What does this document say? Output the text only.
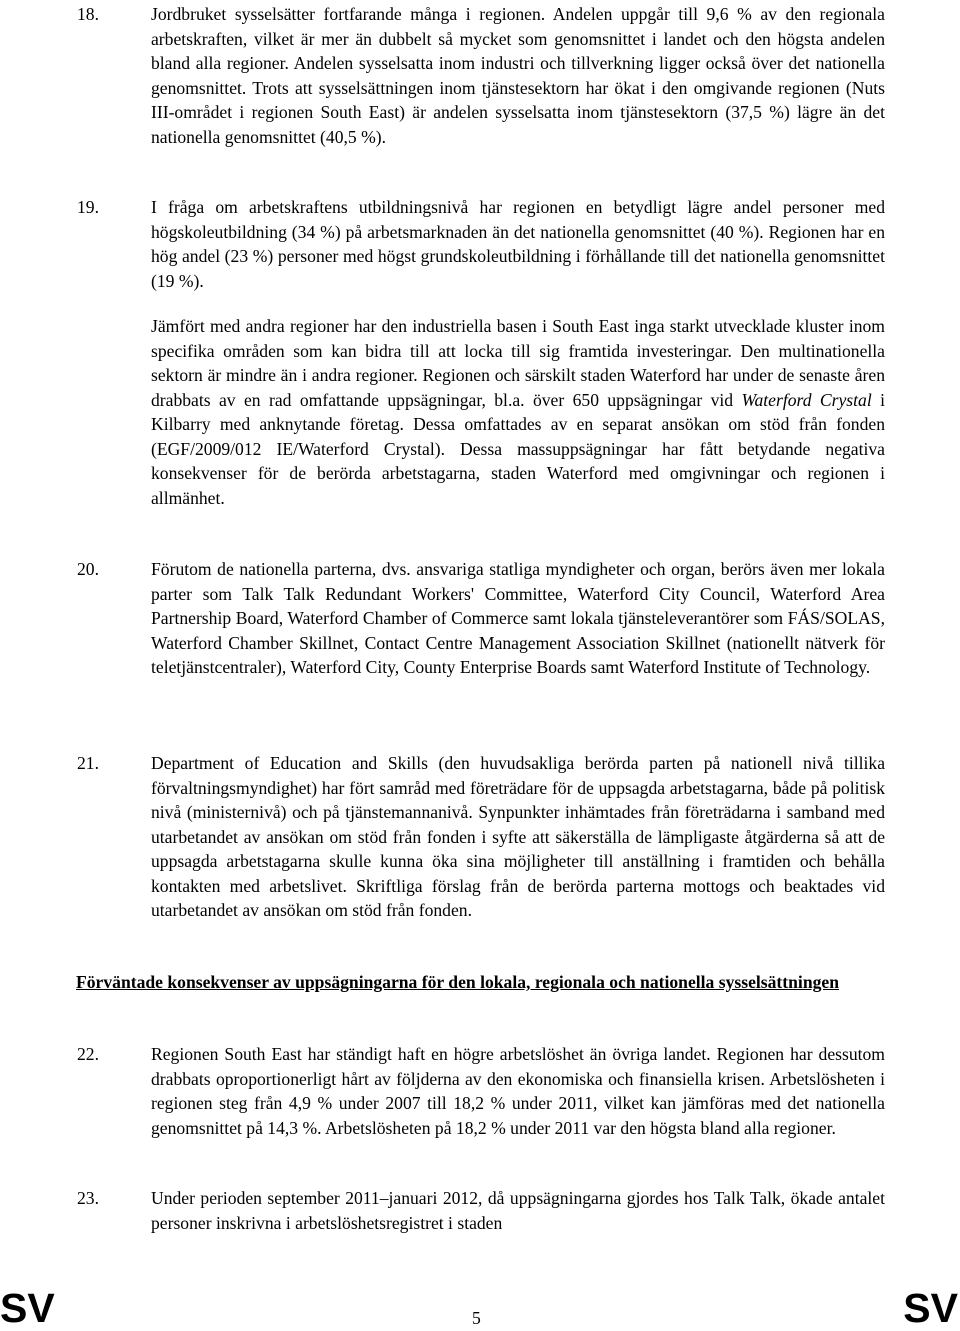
18.	Jordbruket sysselsätter fortfarande många i regionen. Andelen uppgår till 9,6 % av den regionala arbetskraften, vilket är mer än dubbelt så mycket som genomsnittet i landet och den högsta andelen bland alla regioner. Andelen sysselsatta inom industri och tillverkning ligger också över det nationella genomsnittet. Trots att sysselsättningen inom tjänstesektorn har ökat i den omgivande regionen (Nuts III-området i regionen South East) är andelen sysselsatta inom tjänstesektorn (37,5 %) lägre än det nationella genomsnittet (40,5 %).

19.	I fråga om arbetskraftens utbildningsnivå har regionen en betydligt lägre andel personer med högskoleutbildning (34 %) på arbetsmarknaden än det nationella genomsnittet (40 %). Regionen har en hög andel (23 %) personer med högst grundskoleutbildning i förhållande till det nationella genomsnittet (19 %).

Jämfört med andra regioner har den industriella basen i South East inga starkt utvecklade kluster inom specifika områden som kan bidra till att locka till sig framtida investeringar. Den multinationella sektorn är mindre än i andra regioner. Regionen och särskilt staden Waterford har under de senaste åren drabbats av en rad omfattande uppsägningar, bl.a. över 650 uppsägningar vid Waterford Crystal i Kilbarry med anknytande företag. Dessa omfattades av en separat ansökan om stöd från fonden (EGF/2009/012 IE/Waterford Crystal). Dessa massuppsägningar har fått betydande negativa konsekvenser för de berörda arbetstagarna, staden Waterford med omgivningar och regionen i allmänhet.

20.	Förutom de nationella parterna, dvs. ansvariga statliga myndigheter och organ, berörs även mer lokala parter som Talk Talk Redundant Workers' Committee, Waterford City Council, Waterford Area Partnership Board, Waterford Chamber of Commerce samt lokala tjänsteleverantörer som FÁS/SOLAS, Waterford Chamber Skillnet, Contact Centre Management Association Skillnet (nationellt nätverk för teletjänstcentraler), Waterford City, County Enterprise Boards samt Waterford Institute of Technology.

21.	Department of Education and Skills (den huvudsakliga berörda parten på nationell nivå tillika förvaltningsmyndighet) har fört samråd med företrädare för de uppsagda arbetstagarna, både på politisk nivå (ministernivå) och på tjänstemannanivå. Synpunkter inhämtades från företrädarna i samband med utarbetandet av ansökan om stöd från fonden i syfte att säkerställa de lämpligaste åtgärderna så att de uppsagda arbetstagarna skulle kunna öka sina möjligheter till anställning i framtiden och behålla kontakten med arbetslivet. Skriftliga förslag från de berörda parterna mottogs och beaktades vid utarbetandet av ansökan om stöd från fonden.

Förväntade konsekvenser av uppsägningarna för den lokala, regionala och nationella sysselsättningen

22.	Regionen South East har ständigt haft en högre arbetslöshet än övriga landet. Regionen har dessutom drabbats oproportionerligt hårt av följderna av den ekonomiska och finansiella krisen. Arbetslösheten i regionen steg från 4,9 % under 2007 till 18,2 % under 2011, vilket kan jämföras med det nationella genomsnittet på 14,3 %. Arbetslösheten på 18,2 % under 2011 var den högsta bland alla regioner.

23.	Under perioden september 2011–januari 2012, då uppsägningarna gjordes hos Talk Talk, ökade antalet personer inskrivna i arbetslöshetsregistret i staden

SV	5	SV
